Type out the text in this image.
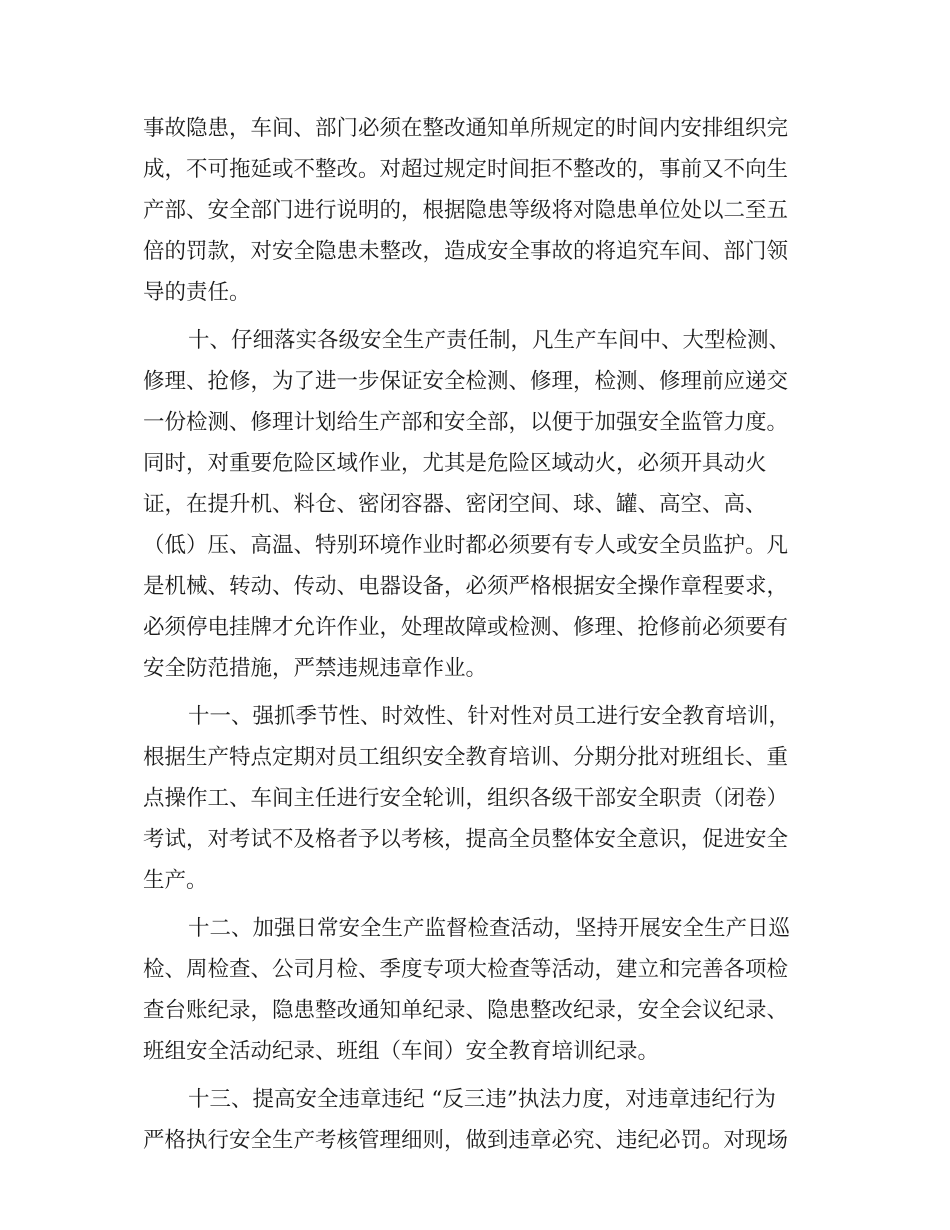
事故隐患，车间、部门必须在整改通知单所规定的时间内安排组织完
成，不可拖延或不整改。对超过规定时间拒不整改的，事前又不向生
产部、安全部门进行说明的，根据隐患等级将对隐患单位处以二至五
倍的罚款，对安全隐患未整改，造成安全事故的将追究车间、部门领
导的责任。
十、仔细落实各级安全生产责任制，凡生产车间中、大型检测、
修理、抢修，为了进一步保证安全检测、修理，检测、修理前应递交
一份检测、修理计划给生产部和安全部，以便于加强安全监管力度。
同时，对重要危险区域作业，尤其是危险区域动火，必须开具动火
证，在提升机、料仓、密闭容器、密闭空间、球、罐、高空、高、
（低）压、高温、特别环境作业时都必须要有专人或安全员监护。凡
是机械、转动、传动、电器设备，必须严格根据安全操作章程要求，
必须停电挂牌才允许作业，处理故障或检测、修理、抢修前必须要有
安全防范措施，严禁违规违章作业。
十一、强抓季节性、时效性、针对性对员工进行安全教育培训，
根据生产特点定期对员工组织安全教育培训、分期分批对班组长、重
点操作工、车间主任进行安全轮训，组织各级干部安全职责（闭卷）
考试，对考试不及格者予以考核，提高全员整体安全意识，促进安全
生产。
十二、加强日常安全生产监督检查活动，坚持开展安全生产日巡
检、周检查、公司月检、季度专项大检查等活动，建立和完善各项检
查台账纪录，隐患整改通知单纪录、隐患整改纪录，安全会议纪录、
班组安全活动纪录、班组（车间）安全教育培训纪录。
十三、提高安全违章违纪 “反三违”执法力度，对违章违纪行为
严格执行安全生产考核管理细则，做到违章必究、违纪必罚。对现场
